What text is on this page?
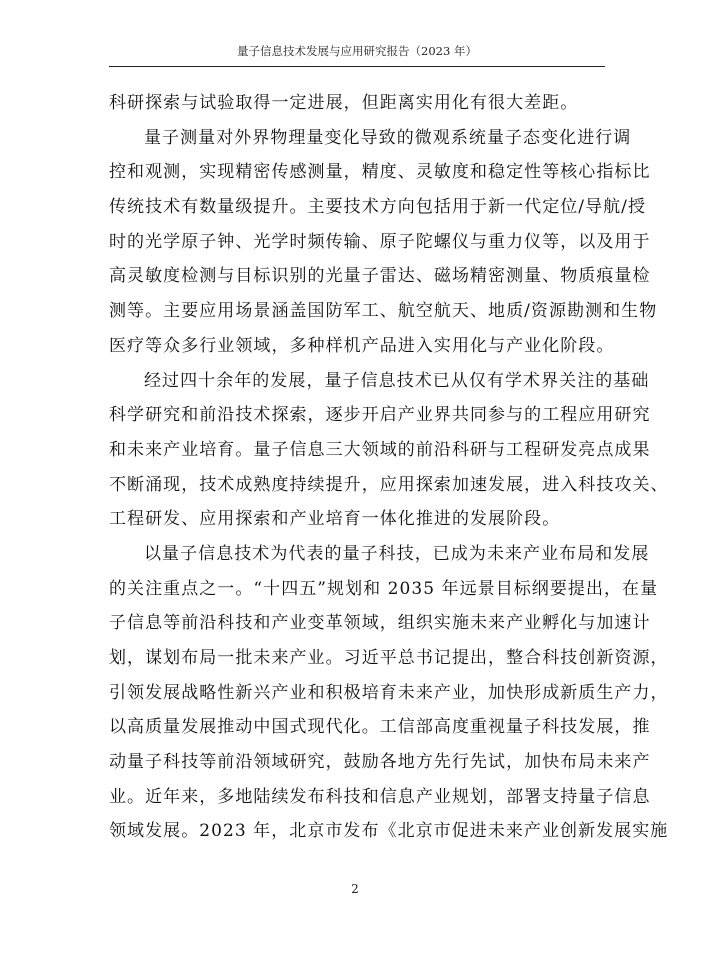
量子信息技术发展与应用研究报告（2023 年）
科研探索与试验取得一定进展，但距离实用化有很大差距。
量子测量对外界物理量变化导致的微观系统量子态变化进行调
控和观测，实现精密传感测量，精度、灵敏度和稳定性等核心指标比
传统技术有数量级提升。主要技术方向包括用于新一代定位/导航/授
时的光学原子钟、光学时频传输、原子陀螺仪与重力仪等，以及用于
高灵敏度检测与目标识别的光量子雷达、磁场精密测量、物质痕量检
测等。主要应用场景涵盖国防军工、航空航天、地质/资源勘测和生物
医疗等众多行业领域，多种样机产品进入实用化与产业化阶段。
经过四十余年的发展，量子信息技术已从仅有学术界关注的基础
科学研究和前沿技术探索，逐步开启产业界共同参与的工程应用研究
和未来产业培育。量子信息三大领域的前沿科研与工程研发亮点成果
不断涌现，技术成熟度持续提升，应用探索加速发展，进入科技攻关、
工程研发、应用探索和产业培育一体化推进的发展阶段。
以量子信息技术为代表的量子科技，已成为未来产业布局和发展
的关注重点之一。“十四五”规划和 2035 年远景目标纲要提出，在量
子信息等前沿科技和产业变革领域，组织实施未来产业孵化与加速计
划，谋划布局一批未来产业。习近平总书记提出，整合科技创新资源，
引领发展战略性新兴产业和积极培育未来产业，加快形成新质生产力，
以高质量发展推动中国式现代化。工信部高度重视量子科技发展，推
动量子科技等前沿领域研究，鼓励各地方先行先试，加快布局未来产
业。近年来，多地陆续发布科技和信息产业规划，部署支持量子信息
领域发展。2023 年，北京市发布《北京市促进未来产业创新发展实施
2
